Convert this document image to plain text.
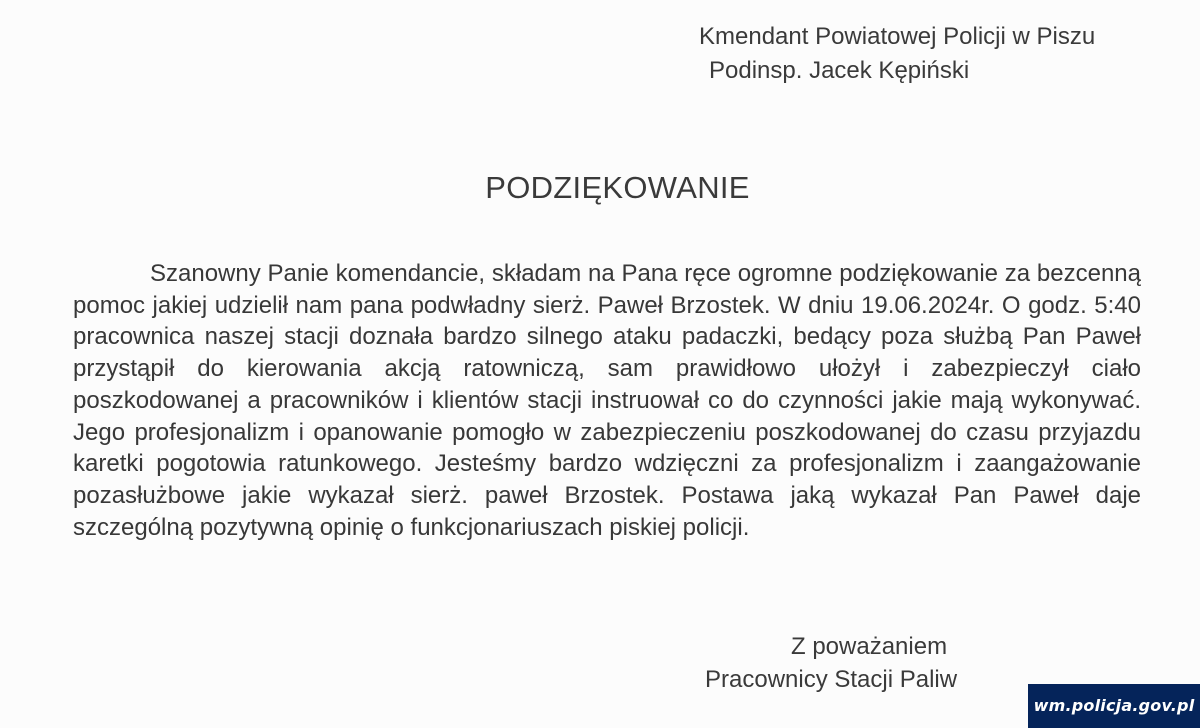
Kmendant Powiatowej Policji w Piszu
Podinsp. Jacek Kępiński
PODZIĘKOWANIE
Szanowny Panie komendancie, składam na Pana ręce ogromne podziękowanie za bezcenną pomoc jakiej udzielił nam pana podwładny sierż. Paweł Brzostek. W dniu 19.06.2024r. O godz. 5:40 pracownica naszej stacji doznała bardzo silnego ataku padaczki, bedący poza służbą Pan Paweł przystąpił do kierowania akcją ratowniczą, sam prawidłowo ułożył i zabezpieczył ciało poszkodowanej a pracowników i klientów stacji instruował co do czynności jakie mają wykonywać. Jego profesjonalizm i opanowanie pomogło w zabezpieczeniu poszkodowanej do czasu przyjazdu karetki pogotowia ratunkowego. Jesteśmy bardzo wdzięczni za profesjonalizm i zaangażowanie pozasłużbowe jakie wykazał sierż. paweł Brzostek. Postawa jaką wykazał Pan Paweł daje szczególną pozytywną opinię o funkcjonariuszach piskiej policji.
Z poważaniem
Pracownicy Stacji Paliw
wm.policja.gov.pl
